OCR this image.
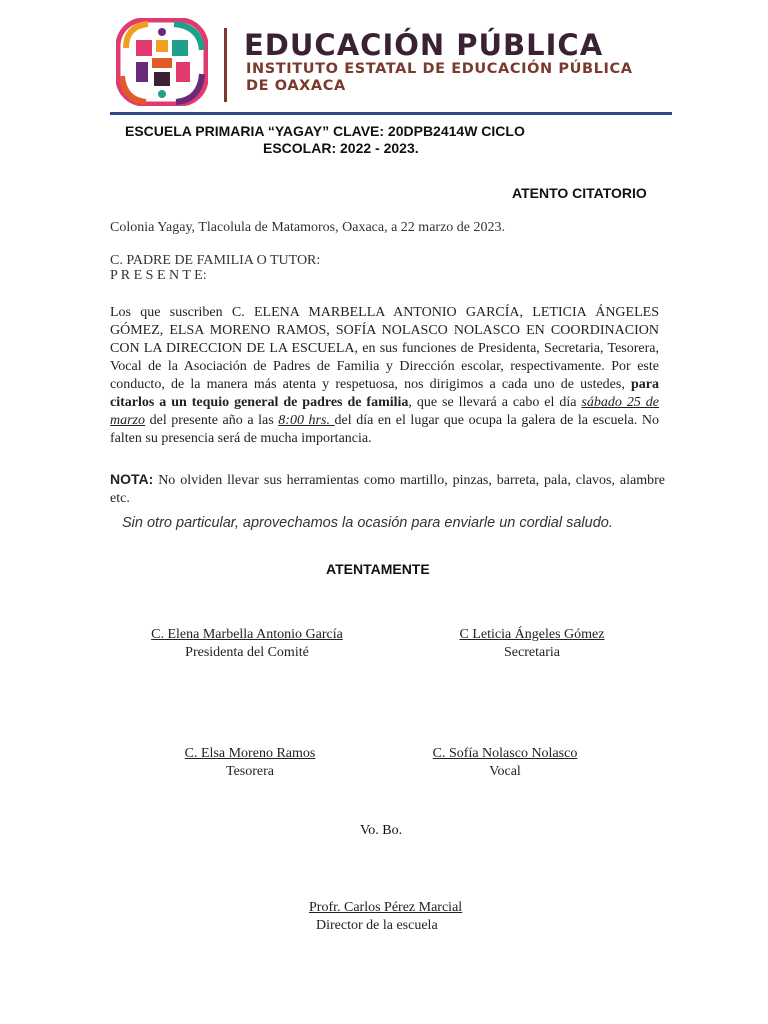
EDUCACIÓN PÚBLICA
INSTITUTO ESTATAL DE EDUCACIÓN PÚBLICA
DE OAXACA
ESCUELA PRIMARIA “YAGAY” CLAVE: 20DPB2414W CICLO
ESCOLAR: 2022 - 2023.
ATENTO CITATORIO
Colonia Yagay, Tlacolula de Matamoros, Oaxaca, a 22 marzo de 2023.
C. PADRE DE FAMILIA O TUTOR:
P R E S E N T E:
Los que suscriben C. ELENA MARBELLA ANTONIO GARCÍA, LETICIA ÁNGELES GÓMEZ, ELSA MORENO RAMOS, SOFÍA NOLASCO NOLASCO EN COORDINACION CON LA DIRECCION DE LA ESCUELA, en sus funciones de Presidenta, Secretaria, Tesorera, Vocal de la Asociación de Padres de Familia y Dirección escolar, respectivamente. Por este conducto, de la manera más atenta y respetuosa, nos dirigimos a cada uno de ustedes, para citarlos a un tequio general de padres de familia, que se llevará a cabo el día sábado 25 de marzo del presente año a las 8:00 hrs. del día en el lugar que ocupa la galera de la escuela. No falten su presencia será de mucha importancia.
NOTA: No olviden llevar sus herramientas como martillo, pinzas, barreta, pala, clavos, alambre etc.
Sin otro particular, aprovechamos la ocasión para enviarle un cordial saludo.
ATENTAMENTE
C. Elena Marbella Antonio García
Presidenta del Comité
C Leticia Ángeles Gómez
Secretaria
C. Elsa Moreno Ramos
Tesorera
C. Sofía Nolasco Nolasco
Vocal
Vo. Bo.
Profr. Carlos Pérez Marcial
Director de la escuela
